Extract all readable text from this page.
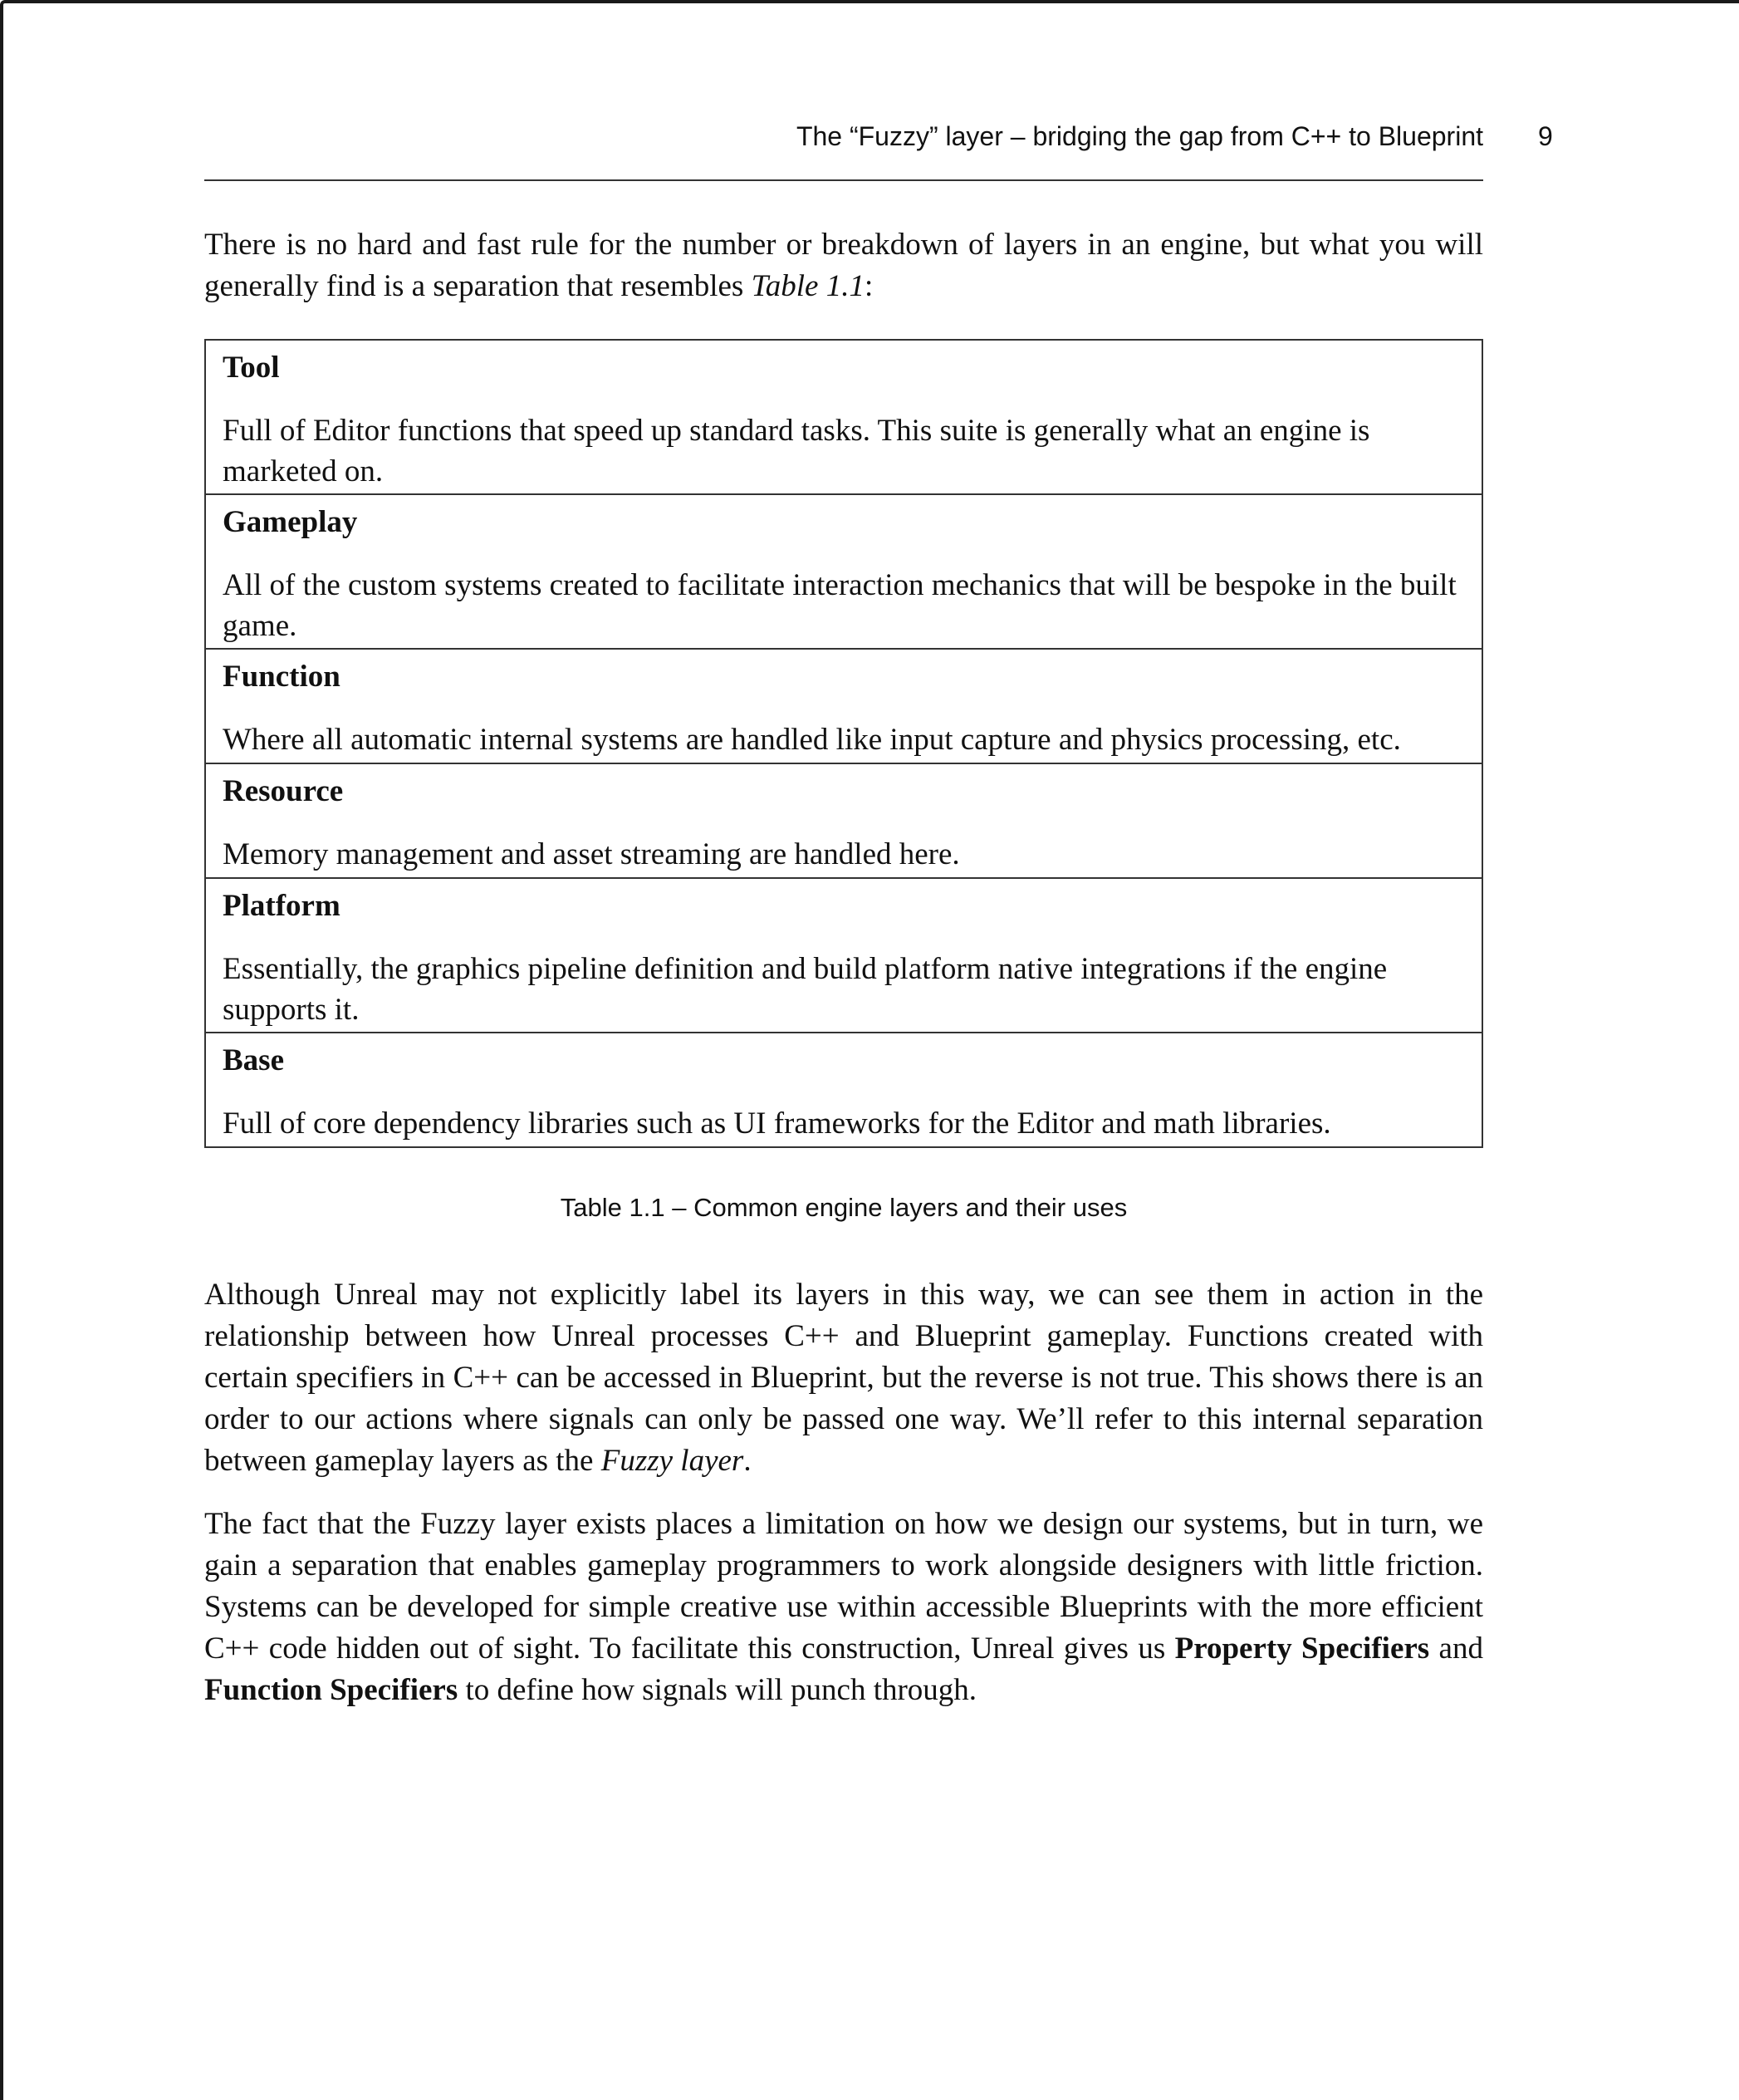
The “Fuzzy” layer – bridging the gap from C++ to Blueprint 9

There is no hard and fast rule for the number or breakdown of layers in an engine, but what you will generally find is a separation that resembles Table 1.1:

Tool
Full of Editor functions that speed up standard tasks. This suite is generally what an engine is marketed on.

Gameplay
All of the custom systems created to facilitate interaction mechanics that will be bespoke in the built game.

Function
Where all automatic internal systems are handled like input capture and physics processing, etc.

Resource
Memory management and asset streaming are handled here.

Platform
Essentially, the graphics pipeline definition and build platform native integrations if the engine supports it.

Base
Full of core dependency libraries such as UI frameworks for the Editor and math libraries.
Table 1.1 – Common engine layers and their uses

Although Unreal may not explicitly label its layers in this way, we can see them in action in the relationship between how Unreal processes C++ and Blueprint gameplay. Functions created with certain specifiers in C++ can be accessed in Blueprint, but the reverse is not true. This shows there is an order to our actions where signals can only be passed one way. We’ll refer to this internal separation between gameplay layers as the Fuzzy layer.

The fact that the Fuzzy layer exists places a limitation on how we design our systems, but in turn, we gain a separation that enables gameplay programmers to work alongside designers with little friction. Systems can be developed for simple creative use within accessible Blueprints with the more efficient C++ code hidden out of sight. To facilitate this construction, Unreal gives us Property Specifiers and Function Specifiers to define how signals will punch through.
